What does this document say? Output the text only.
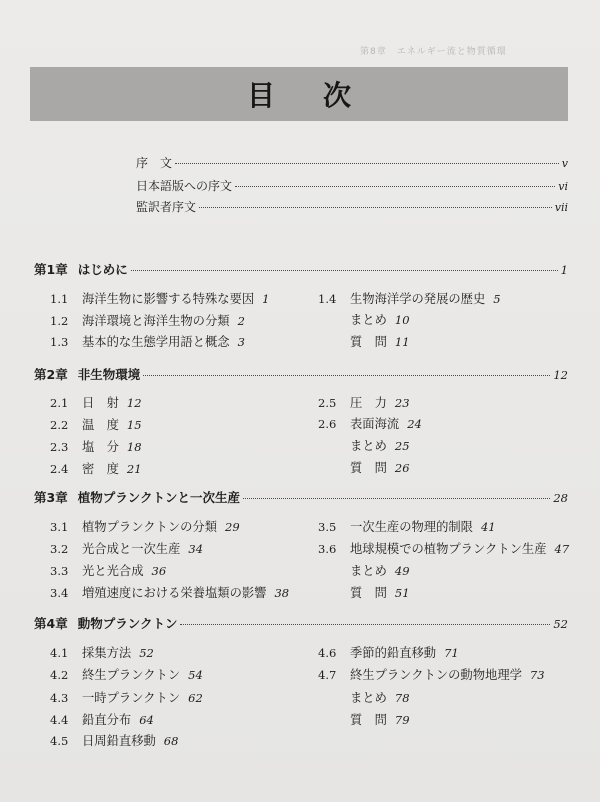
第8章　エネルギー流と物質循環
目次
序　文	v
日本語版への序文	vi
監訳者序文	vii
第1章 はじめに	1
1.1	海洋生物に影響する特殊な要因 1
1.2	海洋環境と海洋生物の分類 2
1.3	基本的な生態学用語と概念 3
1.4	生物海洋学の発展の歴史 5
まとめ 10
質　問 11
第2章 非生物環境	12
2.1	日　射 12
2.2	温　度 15
2.3	塩　分 18
2.4	密　度 21
2.5	圧　力 23
2.6	表面海流 24
まとめ 25
質　問 26
第3章 植物プランクトンと一次生産	28
3.1	植物プランクトンの分類 29
3.2	光合成と一次生産 34
3.3	光と光合成 36
3.4	増殖速度における栄養塩類の影響 38
3.5	一次生産の物理的制限 41
3.6	地球規模での植物プランクトン生産 47
まとめ 49
質　問 51
第4章 動物プランクトン	52
4.1	採集方法 52
4.2	終生プランクトン 54
4.3	一時プランクトン 62
4.4	鉛直分布 64
4.5	日周鉛直移動 68
4.6	季節的鉛直移動 71
4.7	終生プランクトンの動物地理学 73
まとめ 78
質　問 79
